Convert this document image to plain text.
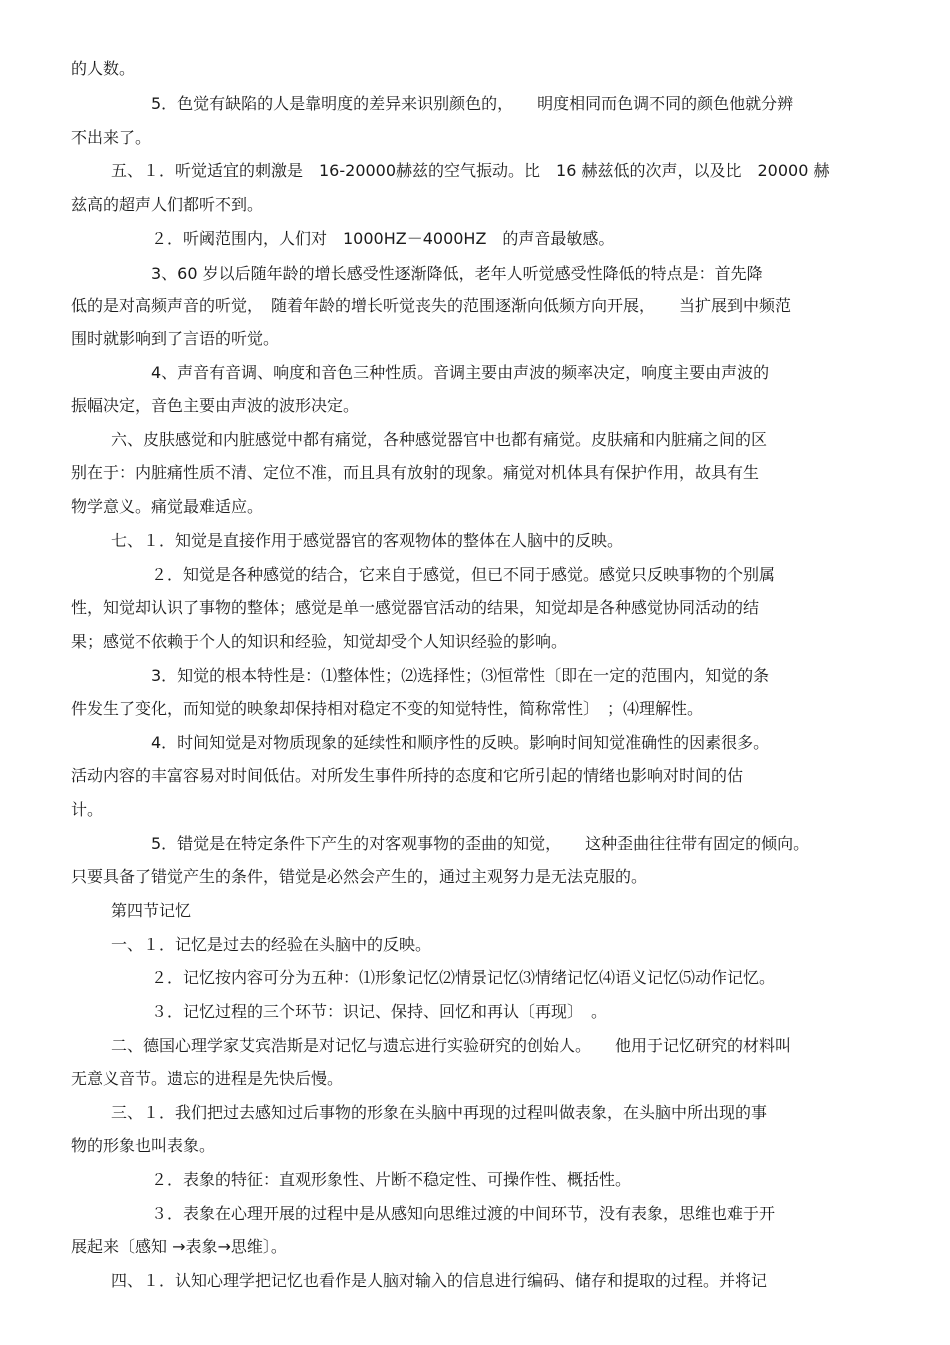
的人数。
5．色觉有缺陷的人是靠明度的差异来识别颜色的，　　明度相同而色调不同的颜色他就分辨
不出来了。
五、１．听觉适宜的刺激是　16-20000赫兹的空气振动。比　16 赫兹低的次声，以及比　20000 赫
兹高的超声人们都听不到。
２．听阈范围内，人们对　1000HZ－4000HZ　的声音最敏感。
3、60 岁以后随年龄的增长感受性逐渐降低，老年人听觉感受性降低的特点是：首先降
低的是对高频声音的听觉，　随着年龄的增长听觉丧失的范围逐渐向低频方向开展，　　当扩展到中频范
围时就影响到了言语的听觉。
4、声音有音调、响度和音色三种性质。音调主要由声波的频率决定，响度主要由声波的
振幅决定，音色主要由声波的波形决定。
六、皮肤感觉和内脏感觉中都有痛觉，各种感觉器官中也都有痛觉。皮肤痛和内脏痛之间的区
别在于：内脏痛性质不清、定位不准，而且具有放射的现象。痛觉对机体具有保护作用，故具有生
物学意义。痛觉最难适应。
七、１．知觉是直接作用于感觉器官的客观物体的整体在人脑中的反映。
２．知觉是各种感觉的结合，它来自于感觉，但已不同于感觉。感觉只反映事物的个别属
性，知觉却认识了事物的整体；感觉是单一感觉器官活动的结果，知觉却是各种感觉协同活动的结
果；感觉不依赖于个人的知识和经验，知觉却受个人知识经验的影响。
3．知觉的根本特性是：⑴整体性；⑵选择性；⑶恒常性〔即在一定的范围内，知觉的条
件发生了变化，而知觉的映象却保持相对稳定不变的知觉特性，简称常性〕　；⑷理解性。
4．时间知觉是对物质现象的延续性和顺序性的反映。影响时间知觉准确性的因素很多。
活动内容的丰富容易对时间低估。对所发生事件所持的态度和它所引起的情绪也影响对时间的估
计。
5．错觉是在特定条件下产生的对客观事物的歪曲的知觉，　　这种歪曲往往带有固定的倾向。
只要具备了错觉产生的条件，错觉是必然会产生的，通过主观努力是无法克服的。
第四节记忆
一、１．记忆是过去的经验在头脑中的反映。
２．记忆按内容可分为五种：⑴形象记忆⑵情景记忆⑶情绪记忆⑷语义记忆⑸动作记忆。
３．记忆过程的三个环节：识记、保持、回忆和再认〔再现〕　。
二、德国心理学家艾宾浩斯是对记忆与遗忘进行实验研究的创始人。　　他用于记忆研究的材料叫
无意义音节。遗忘的进程是先快后慢。
三、１．我们把过去感知过后事物的形象在头脑中再现的过程叫做表象，在头脑中所出现的事
物的形象也叫表象。
２．表象的特征：直观形象性、片断不稳定性、可操作性、概括性。
３．表象在心理开展的过程中是从感知向思维过渡的中间环节，没有表象，思维也难于开
展起来〔感知 →表象→思维〕。
四、１．认知心理学把记忆也看作是人脑对输入的信息进行编码、储存和提取的过程。并将记
